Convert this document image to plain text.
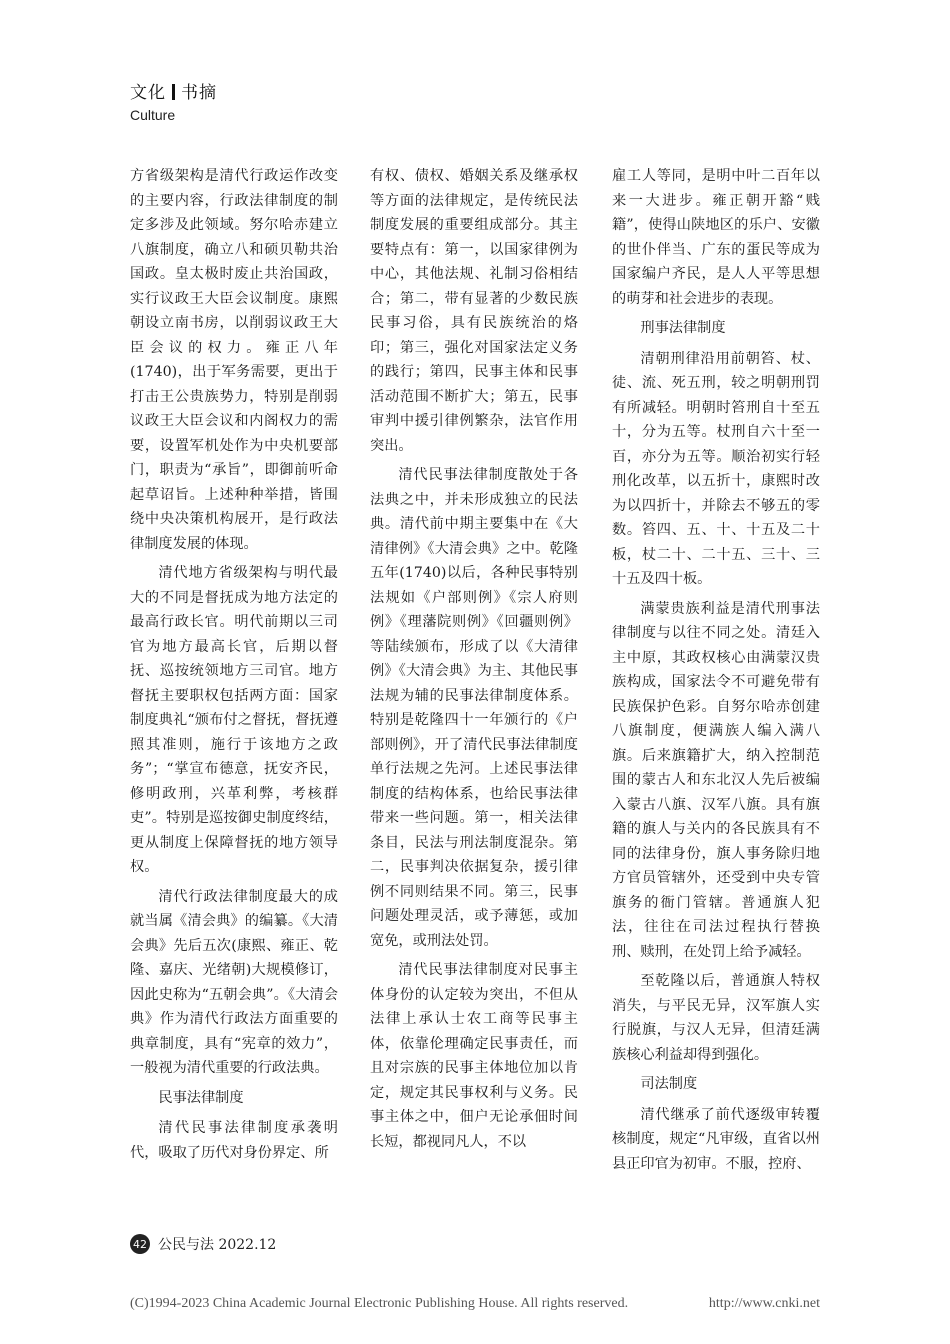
文化 书摘
Culture

方省级架构是清代行政运作改变的主要内容，行政法律制度的制定多涉及此领域。努尔哈赤建立八旗制度，确立八和硕贝勒共治国政。皇太极时废止共治国政，实行议政王大臣会议制度。康熙朝设立南书房，以削弱议政王大臣会议的权力。雍正八年(1740)，出于军务需要，更出于打击王公贵族势力，特别是削弱议政王大臣会议和内阁权力的需要，设置军机处作为中央机要部门，职责为“承旨”，即御前听命起草诏旨。上述种种举措，皆围绕中央决策机构展开，是行政法律制度发展的体现。

清代地方省级架构与明代最大的不同是督抚成为地方法定的最高行政长官。明代前期以三司官为地方最高长官，后期以督抚、巡按统领地方三司官。地方督抚主要职权包括两方面：国家制度典礼“颁布付之督抚，督抚遵照其准则，施行于该地方之政务”；“掌宣布德意，抚安齐民，修明政刑，兴革利弊，考核群吏”。特别是巡按御史制度终结，更从制度上保障督抚的地方领导权。

清代行政法律制度最大的成就当属《清会典》的编纂。《大清会典》先后五次(康熙、雍正、乾隆、嘉庆、光绪朝)大规模修订，因此史称为“五朝会典”。《大清会典》作为清代行政法方面重要的典章制度，具有“宪章的效力”，一般视为清代重要的行政法典。

民事法律制度

清代民事法律制度承袭明代，吸取了历代对身份界定、所

有权、债权、婚姻关系及继承权等方面的法律规定，是传统民法制度发展的重要组成部分。其主要特点有：第一，以国家律例为中心，其他法规、礼制习俗相结合；第二，带有显著的少数民族民事习俗，具有民族统治的烙印；第三，强化对国家法定义务的践行；第四，民事主体和民事活动范围不断扩大；第五，民事审判中援引律例繁杂，法官作用突出。

清代民事法律制度散处于各法典之中，并未形成独立的民法典。清代前中期主要集中在《大清律例》《大清会典》之中。乾隆五年(1740)以后，各种民事特别法规如《户部则例》《宗人府则例》《理藩院则例》《回疆则例》等陆续颁布，形成了以《大清律例》《大清会典》为主、其他民事法规为辅的民事法律制度体系。特别是乾隆四十一年颁行的《户部则例》，开了清代民事法律制度单行法规之先河。上述民事法律制度的结构体系，也给民事法律带来一些问题。第一，相关法律条目，民法与刑法制度混杂。第二，民事判决依据复杂，援引律例不同则结果不同。第三，民事问题处理灵活，或予薄惩，或加宽免，或刑法处罚。

清代民事法律制度对民事主体身份的认定较为突出，不但从法律上承认士农工商等民事主体，依靠伦理确定民事责任，而且对宗族的民事主体地位加以肯定，规定其民事权利与义务。民事主体之中，佃户无论承佃时间长短，都视同凡人，不以

雇工人等同，是明中叶二百年以来一大进步。雍正朝开豁“贱籍”，使得山陕地区的乐户、安徽的世仆伴当、广东的蛋民等成为国家编户齐民，是人人平等思想的萌芽和社会进步的表现。

刑事法律制度

清朝刑律沿用前朝笞、杖、徒、流、死五刑，较之明朝刑罚有所减轻。明朝时笞刑自十至五十，分为五等。杖刑自六十至一百，亦分为五等。顺治初实行轻刑化改革，以五折十，康熙时改为以四折十，并除去不够五的零数。笞四、五、十、十五及二十板，杖二十、二十五、三十、三十五及四十板。

满蒙贵族利益是清代刑事法律制度与以往不同之处。清廷入主中原，其政权核心由满蒙汉贵族构成，国家法令不可避免带有民族保护色彩。自努尔哈赤创建八旗制度，便满族人编入满八旗。后来旗籍扩大，纳入控制范围的蒙古人和东北汉人先后被编入蒙古八旗、汉军八旗。具有旗籍的旗人与关内的各民族具有不同的法律身份，旗人事务除归地方官员管辖外，还受到中央专管旗务的衙门管辖。普通旗人犯法，往往在司法过程执行替换刑、赎刑，在处罚上给予减轻。

至乾隆以后，普通旗人特权消失，与平民无异，汉军旗人实行脱旗，与汉人无异，但清廷满族核心利益却得到强化。

司法制度

清代继承了前代逐级审转覆核制度，规定“凡审级，直省以州县正印官为初审。不服，控府、

42 公民与法 2022.12
(C)1994-2023 China Academic Journal Electronic Publishing House. All rights reserved.	http://www.cnki.net
